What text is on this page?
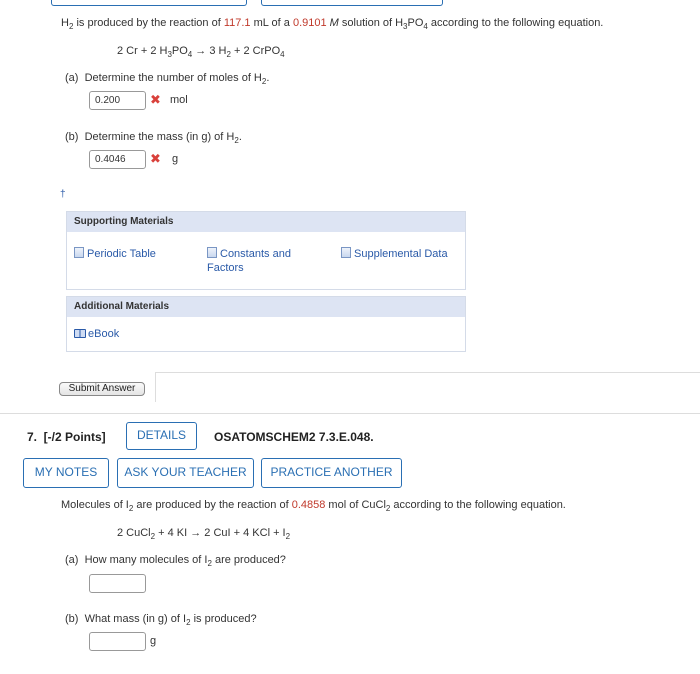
$H_2$ is produced by the reaction of 117.1 mL of a 0.9101 M solution of $H_3PO_4$ according to the following equation.
2 Cr + 2 $H_3PO_4 \to 3$ $H_2 + 2$ CrPO$_4$
(a) Determine the number of moles of $H_2$.
0.200	✖ mol
(b) Determine the mass (in g) of $H_2$.
0.4046	✖ g
†
Supporting Materials
Periodic Table	Constants and
Factors
Supplemental Data
Additional Materials
eBook
Submit Answer
7.  [-/2 Points]	DETAILS	OSATOMSCHEM2 7.3.E.048.
MY NOTES	ASK YOUR TEACHER	PRACTICE ANOTHER
Molecules of $I_2$ are produced by the reaction of 0.4858 mol of CuCl$_2$ according to the following equation.
2 CuCl$_2$ + 4 KI → 2 CuI + 4 KCl + $I_2$
(a) How many molecules of $I_2$ are produced?
(b) What mass (in g) of $I_2$ is produced?
g
